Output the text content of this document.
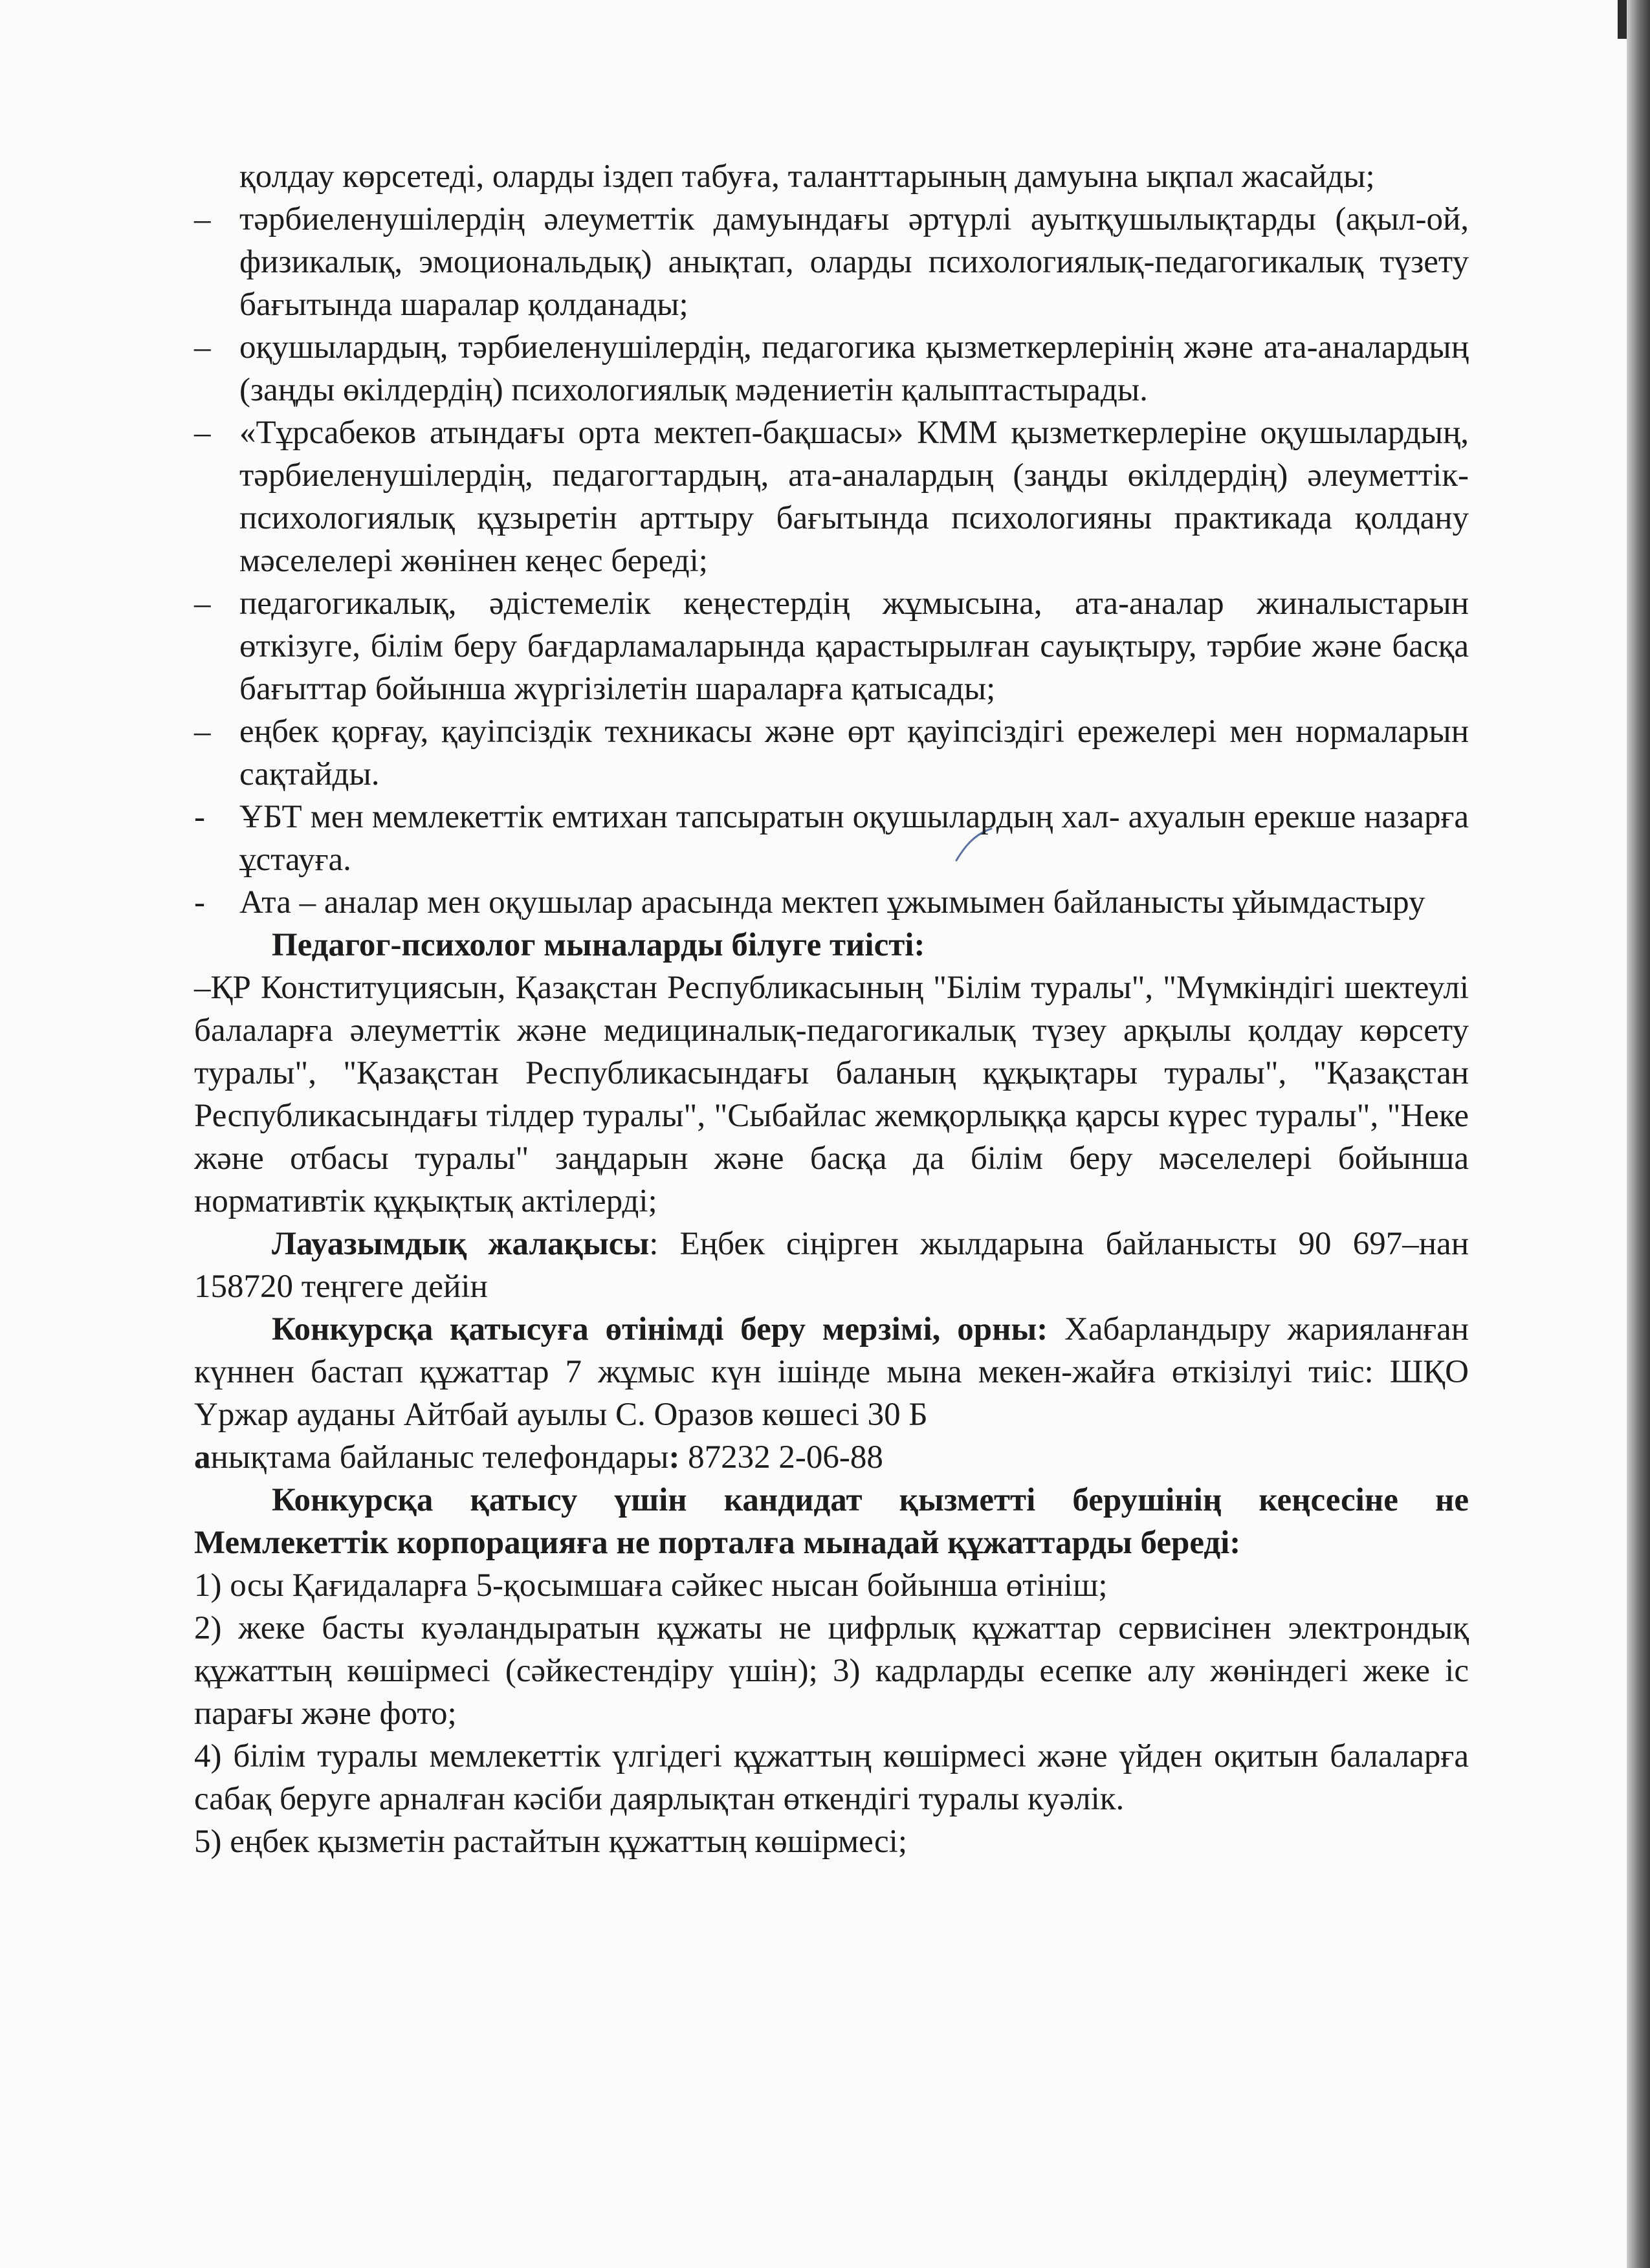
қолдау көрсетеді, оларды іздеп табуға, таланттарының дамуына ықпал жасайды;
– тәрбиеленушілердің әлеуметтік дамуындағы әртүрлі ауытқушылықтарды (ақыл-ой, физикалық, эмоциональдық) анықтап, оларды психологиялық-педагогикалық түзету бағытында шаралар қолданады;
– оқушылардың, тәрбиеленушілердің, педагогика қызметкерлерінің және ата-аналардың (заңды өкілдердің) психологиялық мәдениетін қалыптастырады.
– «Тұрсабеков атындағы орта мектеп-бақшасы» КММ қызметкерлеріне оқушылардың, тәрбиеленушілердің, педагогтардың, ата-аналардың (заңды өкілдердің) әлеуметтік-психологиялық құзыретін арттыру бағытында психологияны практикада қолдану мәселелері жөнінен кеңес береді;
– педагогикалық, әдістемелік кеңестердің жұмысына, ата-аналар жиналыстарын өткізуге, білім беру бағдарламаларында қарастырылған сауықтыру, тәрбие және басқа бағыттар бойынша жүргізілетін шараларға қатысады;
– еңбек қорғау, қауіпсіздік техникасы және өрт қауіпсіздігі ережелері мен нормаларын сақтайды.
-	ҰБТ мен мемлекеттік емтихан тапсыратын оқушылардың хал- ахуалын ерекше назарға ұстауға.
-	Ата – аналар мен оқушылар арасында мектеп ұжымымен байланысты ұйымдастыру
Педагог-психолог мыналарды білуге тиісті:
–ҚР Конституциясын, Қазақстан Республикасының "Білім туралы", "Мүмкіндігі шектеулі балаларға әлеуметтік және медициналық-педагогикалық түзеу арқылы қолдау көрсету туралы", "Қазақстан Республикасындағы баланың құқықтары туралы", "Қазақстан Республикасындағы тілдер туралы", "Сыбайлас жемқорлыққа қарсы күрес туралы", "Неке және отбасы туралы" заңдарын және басқа да білім беру мәселелері бойынша нормативтік құқықтық актілерді;
Лауазымдық жалақысы: Еңбек сіңірген жылдарына байланысты 90 697–нан 158720 теңгеге дейін
Конкурсқа қатысуға өтінімді беру мерзімі, орны: Хабарландыру жарияланған күннен бастап құжаттар 7 жұмыс күн ішінде мына мекен-жайға өткізілуі тиіс: ШҚО Үржар ауданы Айтбай ауылы С. Оразов көшесі 30 Б
анықтама байланыс телефондары: 87232 2-06-88
Конкурсқа қатысу үшін кандидат қызметті берушінің кеңсесіне не Мемлекеттік корпорацияға не порталға мынадай құжаттарды береді:
1) осы Қағидаларға 5-қосымшаға сәйкес нысан бойынша өтініш;
2) жеке басты куәландыратын құжаты не цифрлық құжаттар сервисінен электрондық құжаттың көшірмесі (сәйкестендіру үшін); 3) кадрларды есепке алу жөніндегі жеке іс парағы және фото;
4) білім туралы мемлекеттік үлгідегі құжаттың көшірмесі және үйден оқитын балаларға сабақ беруге арналған кәсіби даярлықтан өткендігі туралы куәлік.
5) еңбек қызметін растайтын құжаттың көшірмесі;
